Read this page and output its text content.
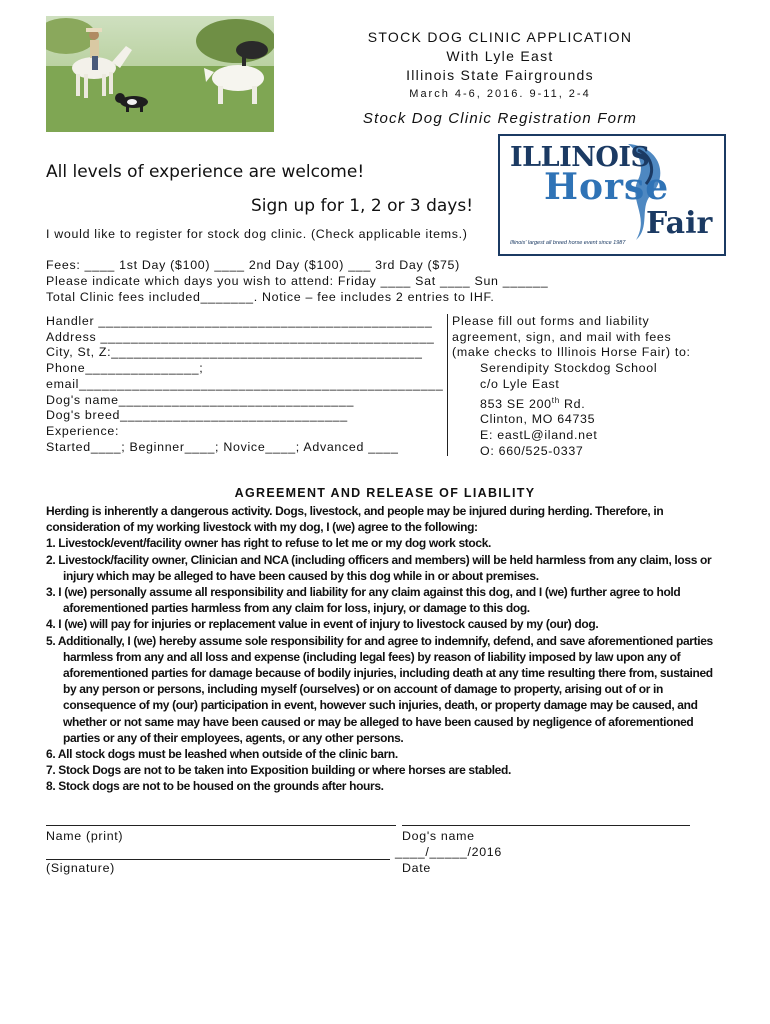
STOCK DOG CLINIC APPLICATION
With Lyle East
Illinois State Fairgrounds
March 4-6, 2016. 9-11, 2-4
Stock Dog Clinic Registration Form
ILLINOIS
Horse
Fair
Illinois' largest all breed horse event since 1987
All levels of experience are welcome!
Sign up for 1, 2 or 3 days!
I would like to register for stock dog clinic. (Check applicable items.)
Fees: ____ 1st Day ($100) ____ 2nd Day ($100) ___ 3rd Day ($75)
Please indicate which days you wish to attend: Friday ____ Sat ____ Sun ______
Total Clinic fees included_______. Notice – fee includes 2 entries to IHF.
Handler ____________________________________________
Address ____________________________________________
City, St, Z:_________________________________________
Phone_______________;
email________________________________________________
Dog's name_______________________________
Dog's breed______________________________
Experience:
Started____; Beginner____; Novice____; Advanced ____
Please fill out forms and liability
agreement, sign, and mail with fees
(make checks to Illinois Horse Fair) to:
Serendipity Stockdog School
c/o Lyle East
853 SE 200th Rd.
Clinton, MO 64735
E: eastL@iland.net
O: 660/525-0337
AGREEMENT AND RELEASE OF LIABILITY

Herding is inherently a dangerous activity. Dogs, livestock, and people may be injured during herding. Therefore, in consideration of my working livestock with my dog, I (we) agree to the following:

1. Livestock/event/facility owner has right to refuse to let me or my dog work stock.

2. Livestock/facility owner, Clinician and NCA (including officers and members) will be held harmless from any claim, loss or injury which may be alleged to have been caused by this dog while in or about premises.

3. I (we) personally assume all responsibility and liability for any claim against this dog, and I (we) further agree to hold aforementioned parties harmless from any claim for loss, injury, or damage to this dog.

4. I (we) will pay for injuries or replacement value in event of injury to livestock caused by my (our) dog.

5. Additionally, I (we) hereby assume sole responsibility for and agree to indemnify, defend, and save aforementioned parties harmless from any and all loss and expense (including legal fees) by reason of liability imposed by law upon any of aforementioned parties for damage because of bodily injuries, including death at any time resulting there from, sustained by any person or persons, including myself (ourselves) or on account of damage to property, arising out of or in consequence of my (our) participation in event, however such injuries, death, or property damage may be caused, and whether or not same may have been caused or may be alleged to have been caused by negligence of aforementioned parties or any of their employees, agents, or any other persons.

6. All stock dogs must be leashed when outside of the clinic barn.

7. Stock Dogs are not to be taken into Exposition building or where horses are stabled.

8. Stock dogs are not to be housed on the grounds after hours.

Name (print)	Dog's name
____/_____/2016
(Signature)	Date
